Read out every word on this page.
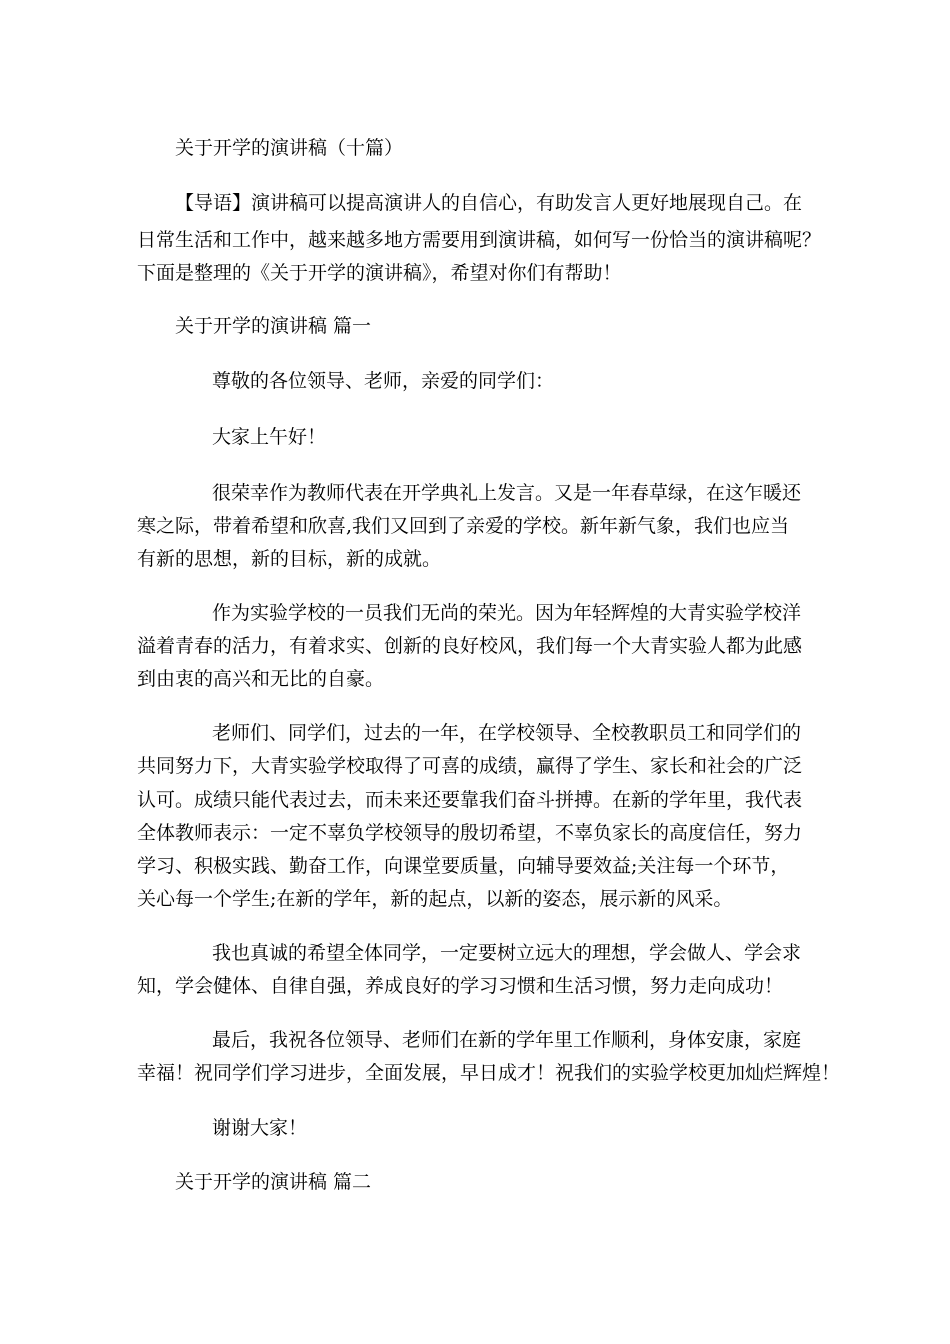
关于开学的演讲稿（十篇）

【导语】演讲稿可以提高演讲人的自信心，有助发言人更好地展现自己。在

日常生活和工作中，越来越多地方需要用到演讲稿，如何写一份恰当的演讲稿呢？

下面是整理的《关于开学的演讲稿》，希望对你们有帮助！

关于开学的演讲稿 篇一

尊敬的各位领导、老师，亲爱的同学们：

大家上午好！

很荣幸作为教师代表在开学典礼上发言。又是一年春草绿，在这乍暖还

寒之际，带着希望和欣喜,我们又回到了亲爱的学校。新年新气象，我们也应当

有新的思想，新的目标，新的成就。

作为实验学校的一员我们无尚的荣光。因为年轻辉煌的大青实验学校洋

溢着青春的活力，有着求实、创新的良好校风，我们每一个大青实验人都为此感

到由衷的高兴和无比的自豪。

老师们、同学们，过去的一年，在学校领导、全校教职员工和同学们的

共同努力下，大青实验学校取得了可喜的成绩，赢得了学生、家长和社会的广泛

认可。成绩只能代表过去，而未来还要靠我们奋斗拼搏。在新的学年里，我代表

全体教师表示：一定不辜负学校领导的殷切希望，不辜负家长的高度信任，努力

学习、积极实践、勤奋工作，向课堂要质量，向辅导要效益;关注每一个环节，

关心每一个学生;在新的学年，新的起点，以新的姿态，展示新的风采。

我也真诚的希望全体同学，一定要树立远大的理想，学会做人、学会求

知，学会健体、自律自强，养成良好的学习习惯和生活习惯，努力走向成功！

最后，我祝各位领导、老师们在新的学年里工作顺利，身体安康，家庭

幸福！祝同学们学习进步，全面发展，早日成才！祝我们的实验学校更加灿烂辉煌！

谢谢大家！

关于开学的演讲稿 篇二
